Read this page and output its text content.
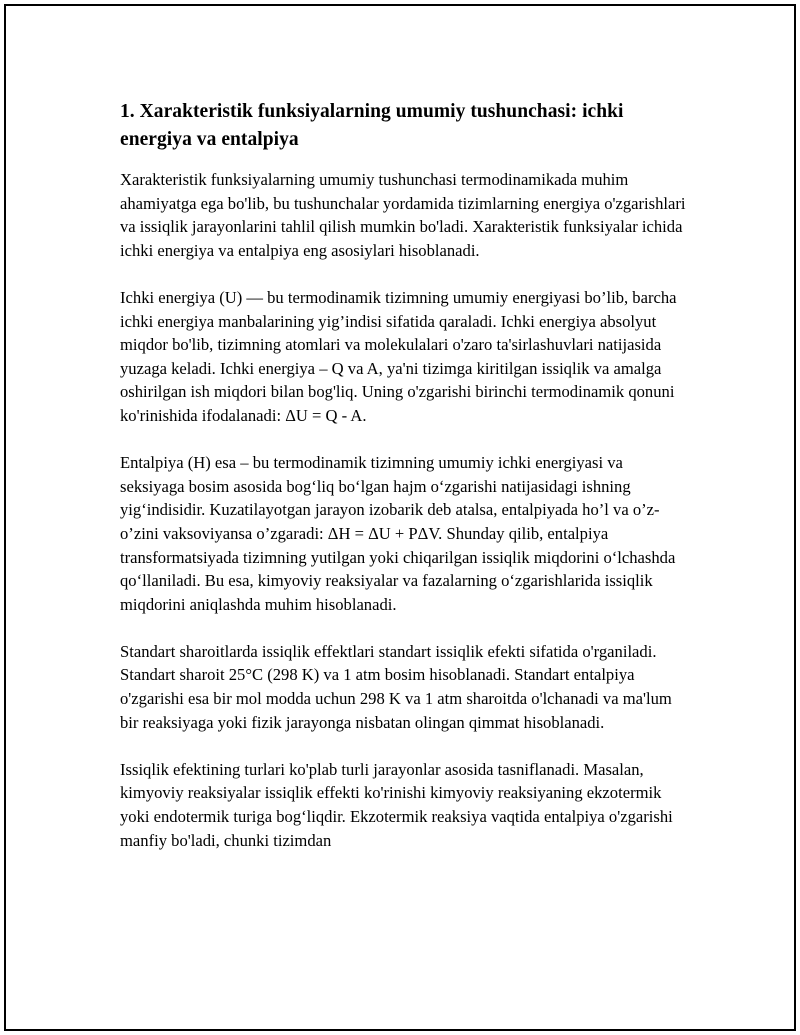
1. Xarakteristik funksiyalarning umumiy tushunchasi: ichki energiya va entalpiya

Xarakteristik funksiyalarning umumiy tushunchasi termodinamikada muhim ahamiyatga ega bo'lib, bu tushunchalar yordamida tizimlarning energiya o'zgarishlari va issiqlik jarayonlarini tahlil qilish mumkin bo'ladi. Xarakteristik funksiyalar ichida ichki energiya va entalpiya eng asosiylari hisoblanadi.

Ichki energiya (U) — bu termodinamik tizimning umumiy energiyasi bo’lib, barcha ichki energiya manbalarining yig’indisi sifatida qaraladi. Ichki energiya absolyut miqdor bo'lib, tizimning atomlari va molekulalari o'zaro ta'sirlashuvlari natijasida yuzaga keladi. Ichki energiya – Q va A, ya'ni tizimga kiritilgan issiqlik va amalga oshirilgan ish miqdori bilan bog'liq. Uning o'zgarishi birinchi termodinamik qonuni ko'rinishida ifodalanadi: ΔU = Q - A.

Entalpiya (H) esa – bu termodinamik tizimning umumiy ichki energiyasi va seksiyaga bosim asosida bog‘liq bo‘lgan hajm o‘zgarishi natijasidagi ishning yig‘indisidir. Kuzatilayotgan jarayon izobarik deb atalsa, entalpiyada ho’l va o’z-o’zini vaksoviyansa o’zgaradi: ΔH = ΔU + PΔV. Shunday qilib, entalpiya transformatsiyada tizimning yutilgan yoki chiqarilgan issiqlik miqdorini o‘lchashda qo‘llaniladi. Bu esa, kimyoviy reaksiyalar va fazalarning o‘zgarishlarida issiqlik miqdorini aniqlashda muhim hisoblanadi.

Standart sharoitlarda issiqlik effektlari standart issiqlik efekti sifatida o'rganiladi. Standart sharoit 25°C (298 K) va 1 atm bosim hisoblanadi. Standart entalpiya o'zgarishi esa bir mol modda uchun 298 K va 1 atm sharoitda o'lchanadi va ma'lum bir reaksiyaga yoki fizik jarayonga nisbatan olingan qimmat hisoblanadi.

Issiqlik efektining turlari ko'plab turli jarayonlar asosida tasniflanadi. Masalan, kimyoviy reaksiyalar issiqlik effekti ko'rinishi kimyoviy reaksiyaning ekzotermik yoki endotermik turiga bog‘liqdir. Ekzotermik reaksiya vaqtida entalpiya o'zgarishi manfiy bo'ladi, chunki tizimdan
